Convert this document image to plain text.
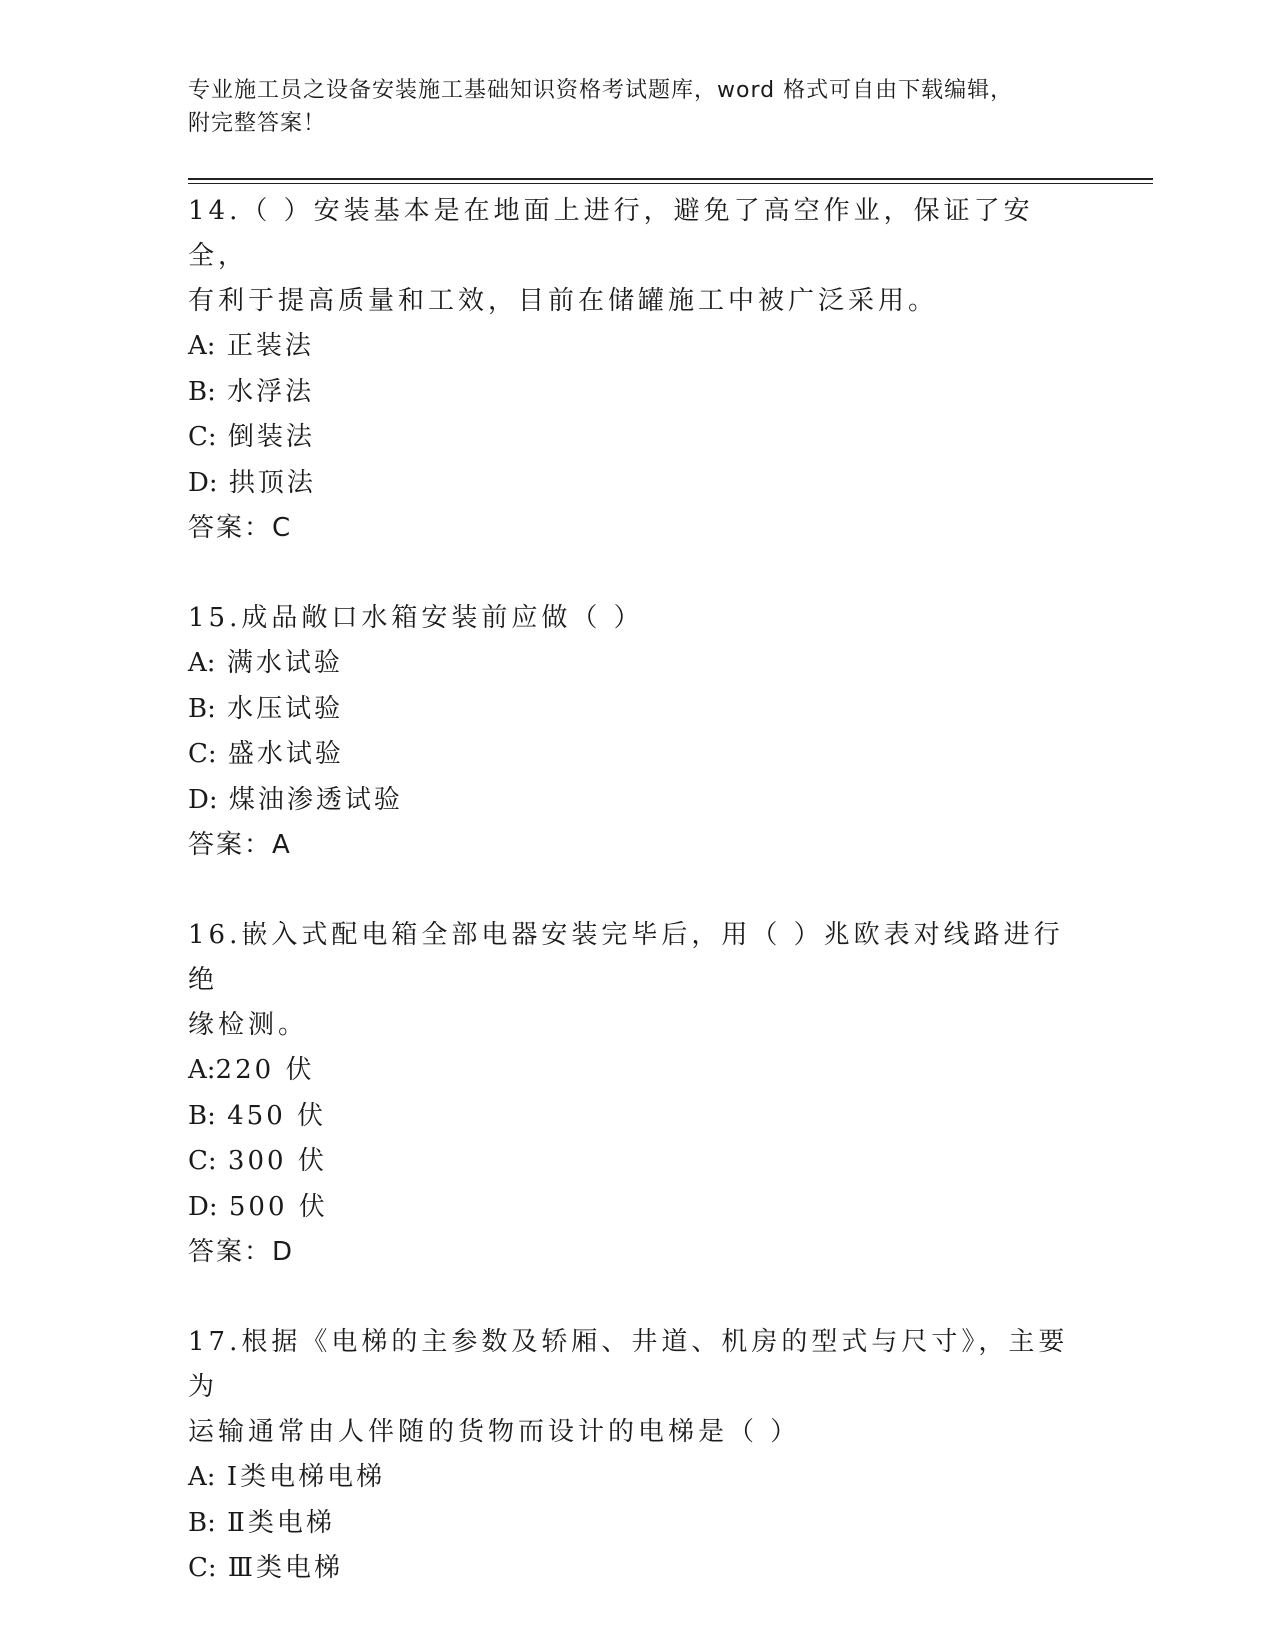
专业施工员之设备安装施工基础知识资格考试题库，word 格式可自由下载编辑，
附完整答案！
14.（ ）安装基本是在地面上进行，避免了高空作业，保证了安全，
有利于提高质量和工效，目前在储罐施工中被广泛采用。
A: 正装法
B: 水浮法
C: 倒装法
D: 拱顶法
答案：C
15.成品敞口水箱安装前应做（ ）
A: 满水试验
B: 水压试验
C: 盛水试验
D: 煤油渗透试验
答案：A
16.嵌入式配电箱全部电器安装完毕后，用（ ）兆欧表对线路进行绝
缘检测。
A:220 伏
B: 450 伏
C: 300 伏
D: 500 伏
答案：D
17.根据《电梯的主参数及轿厢、井道、机房的型式与尺寸》，主要为
运输通常由人伴随的货物而设计的电梯是（ ）
A: Ⅰ类电梯电梯
B: Ⅱ类电梯
C: Ⅲ类电梯
